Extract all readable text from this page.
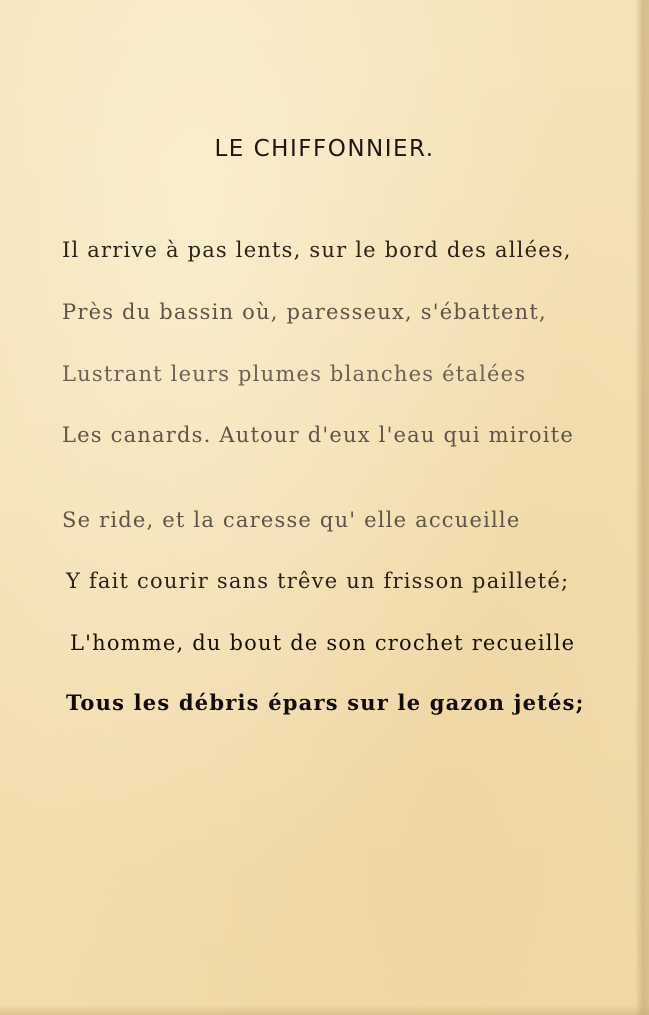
LE CHIFFONNIER.

Il arrive à pas lents, sur le bord des allées,

Près du bassin où, paresseux, s'ébattent,

Lustrant leurs plumes blanches étalées

Les canards. Autour d'eux l'eau qui miroite

Se ride, et la caresse qu' elle accueille

Y fait courir sans trêve un frisson pailleté;

L'homme, du bout de son crochet recueille

Tous les débris épars sur le gazon jetés;
